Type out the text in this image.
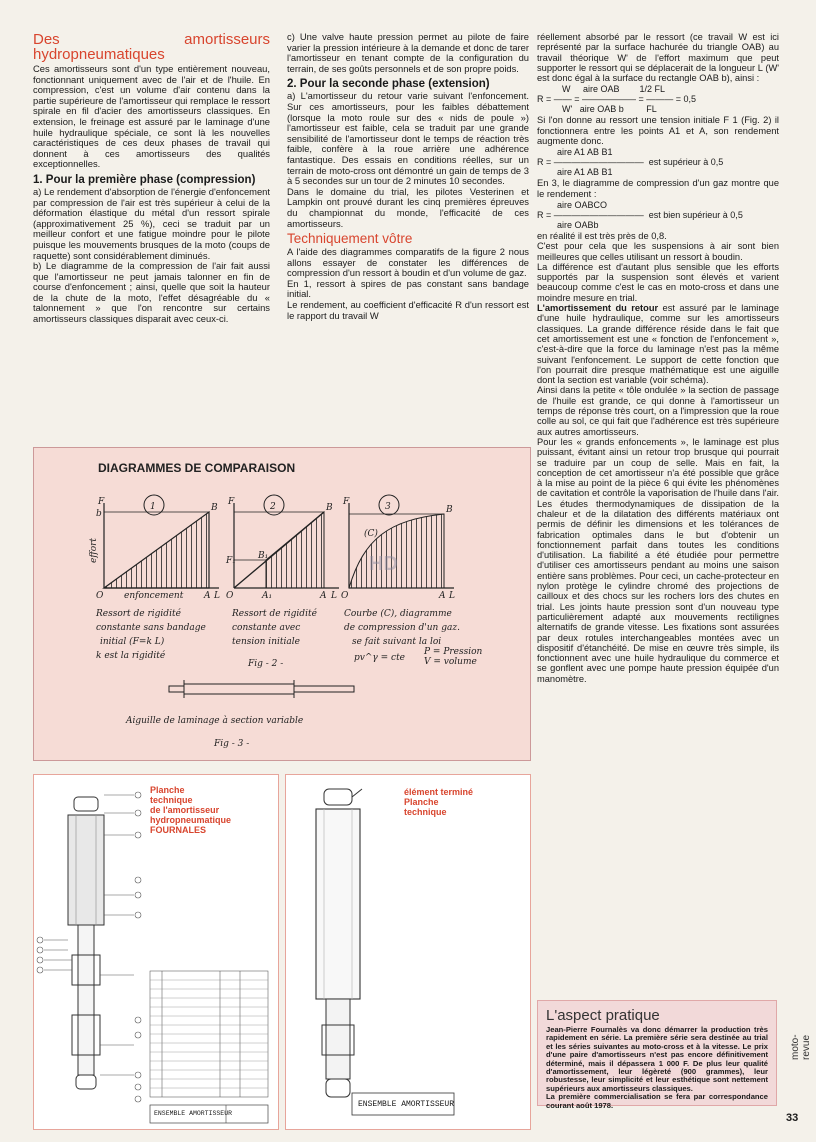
Des amortisseurs hydropneumatiques

Ces amortisseurs sont d'un type entièrement nouveau, fonctionnant uniquement avec de l'air et de l'huile. En compression, c'est un volume d'air contenu dans la partie supérieure de l'amortisseur qui remplace le ressort spirale en fil d'acier des amortisseurs classiques. En extension, le freinage est assuré par le laminage d'une huile hydraulique spéciale, ce sont là les nouvelles caractéristiques de ces deux phases de travail qui donnent à ces amortisseurs des qualités exceptionnelles.

1. Pour la première phase (compression)

a) Le rendement d'absorption de l'énergie d'enfoncement par compression de l'air est très supérieur à celui de la déformation élastique du métal d'un ressort spirale (approximativement 25 %), ceci se traduit par un meilleur confort et une fatigue moindre pour le pilote puisque les mouvements brusques de la moto (coups de raquette) sont considérablement diminués.

b) Le diagramme de la compression de l'air fait aussi que l'amortisseur ne peut jamais talonner en fin de course d'enfoncement ; ainsi, quelle que soit la hauteur de la chute de la moto, l'effet désagréable du « talonnement » que l'on rencontre sur certains amortisseurs classiques disparait avec ceux-ci.

c) Une valve haute pression permet au pilote de faire varier la pression intérieure à la demande et donc de tarer l'amortisseur en tenant compte de la configuration du terrain, de ses goûts personnels et de son propre poids.

2. Pour la seconde phase (extension)

a) L'amortisseur du retour varie suivant l'enfoncement. Sur ces amortisseurs, pour les faibles débattement (lorsque la moto roule sur des « nids de poule ») l'amortisseur est faible, cela se traduit par une grande sensibilité de l'amortisseur dont le temps de réaction très faible, confère à la roue arrière une adhérence fantastique. Des essais en conditions réelles, sur un terrain de moto-cross ont démontré un gain de temps de 3 à 5 secondes sur un tour de 2 minutes 10 secondes.

Dans le domaine du trial, les pilotes Vesterinen et Lampkin ont prouvé durant les cinq premières épreuves du championnat du monde, l'efficacité de ces amortisseurs.

Techniquement vôtre

A l'aide des diagrammes comparatifs de la figure 2 nous allons essayer de constater les différences de compression d'un ressort à boudin et d'un volume de gaz.

En 1, ressort à spires de pas constant sans bandage initial.

Le rendement, au coefficient d'efficacité R d'un ressort est le rapport du travail W

réellement absorbé par le ressort (ce travail W est ici représenté par la surface hachurée du triangle OAB) au travail théorique W' de l'effort maximum que peut supporter le ressort qui se déplacerait de la longueur L (W' est donc égal à la surface du rectangle OAB b), ainsi :

W     aire OAB        1/2 FL
R = —— = —————— = ——— = 0,5
W'   aire OAB b         FL

Si l'on donne au ressort une tension initiale F 1 (Fig. 2) il fonctionnera entre les points A1 et A, son rendement augmente donc.

aire A1 AB B1
R = ——————————  est supérieur à 0,5
aire A1 AB B1

En 3, le diagramme de compression d'un gaz montre que le rendement :

aire OABCO
R = ——————————  est bien supérieur à 0,5
aire OABb

en réalité il est très près de 0,8.

C'est pour cela que les suspensions à air sont bien meilleures que celles utilisant un ressort à boudin.

La différence est d'autant plus sensible que les efforts supportés par la suspension sont élevés et varient beaucoup comme c'est le cas en moto-cross et dans une moindre mesure en trial.

L'amortissement du retour est assuré par le laminage d'une huile hydraulique, comme sur les amortisseurs classiques. La grande différence réside dans le fait que cet amortissement est une « fonction de l'enfoncement », c'est-à-dire que la force du laminage n'est pas la même suivant l'enfoncement. Le support de cette fonction que l'on pourrait dire presque mathématique est une aiguille dont la section est variable (voir schéma).

Ainsi dans la petite « tôle ondulée » la section de passage de l'huile est grande, ce qui donne à l'amortisseur un temps de réponse très court, on a l'impression que la roue colle au sol, ce qui fait que l'adhérence est très supérieure aux autres amortisseurs.

Pour les « grands enfoncements », le laminage est plus puissant, évitant ainsi un retour trop brusque qui pourrait se traduire par un coup de selle. Mais en fait, la conception de cet amortisseur n'a été possible que grâce à la mise au point de la pièce 6 qui évite les phénomènes de cavitation et contrôle la vaporisation de l'huile dans l'air. Les études thermodynamiques de dissipation de la chaleur et de la dilatation des différents matériaux ont permis de définir les dimensions et les tolérances de fabrication optimales dans le but d'obtenir un fonctionnement parfait dans toutes les conditions d'utilisation. La fiabilité a été étudiée pour permettre d'utiliser ces amortisseurs pendant au moins une saison entière sans problèmes. Pour ceci, un cache-protecteur en nylon protège le cylindre chromé des projections de cailloux et des chocs sur les rochers lors des chutes en trial. Les joints haute pression sont d'un nouveau type particulièrement adapté aux mouvements rectilignes alternatifs de grande vitesse. Les fixations sont assurées par deux rotules interchangeables montées avec un dispositif d'étanchéité. De mise en œuvre très simple, ils fonctionnent avec une huile hydraulique du commerce et se gonflent avec une pompe haute pression équipée d'un manomètre.

DIAGRAMMES DE COMPARAISON
1
F
B
b
A L
O enfoncement
effort
2
F
F₁
B
B₁
A₁	A L
O
3
F
B
(C)
A L
O
HD
Ressort de rigidité
constante sans bandage
initial (F=k L)
k est la rigidité
Ressort de rigidité
constante avec
tension initiale
Fig - 2 -
Courbe (C), diagramme
de compression d'un gaz.
se fait suivant la loi
pv^γ = cte
P = Pression
V = volume
Aiguille de laminage à section variable
Fig - 3 -
Planche
technique
de l'amortisseur
hydropneumatique
FOURNALES
ENSEMBLE AMORTISSEUR
élément terminé
Planche
technique
ENSEMBLE AMORTISSEUR
L'aspect pratique

Jean-Pierre Fournalès va donc démarrer la production très rapidement en série. La première série sera destinée au trial et les séries suivantes au moto-cross et à la vitesse. Le prix d'une paire d'amortisseurs n'est pas encore définitivement déterminé, mais il dépassera 1 000 F. De plus leur qualité d'amortissement, leur légèreté (900 grammes), leur robustesse, leur simplicité et leur esthétique sont nettement supérieurs aux amortisseurs classiques.

La première commercialisation se fera par correspondance courant août 1978.

moto-revue
33
